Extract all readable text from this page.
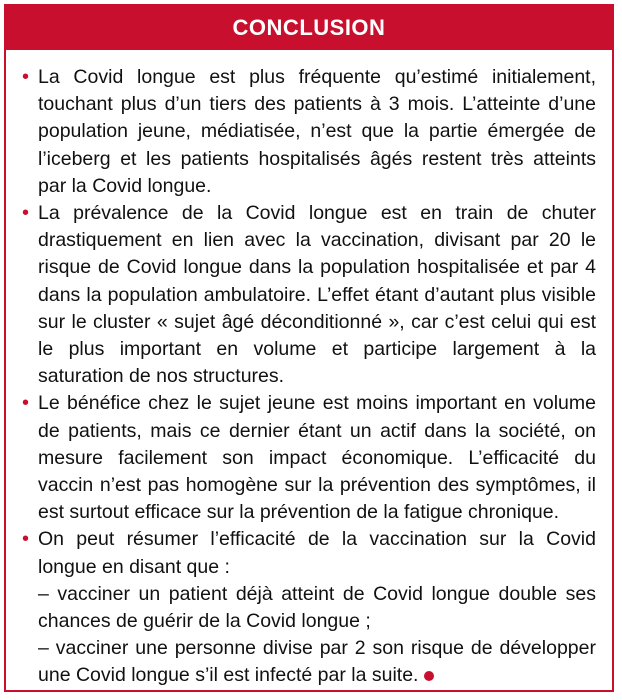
CONCLUSION
• La Covid longue est plus fréquente qu’estimé initialement, touchant plus d’un tiers des patients à 3 mois. L’atteinte d’une population jeune, médiatisée, n’est que la partie émergée de l’iceberg et les patients hospitalisés âgés restent très atteints par la Covid longue.
• La prévalence de la Covid longue est en train de chuter drastiquement en lien avec la vaccination, divisant par 20 le risque de Covid longue dans la population hospitalisée et par 4 dans la population ambulatoire. L’effet étant d’autant plus visible sur le cluster « sujet âgé déconditionné », car c’est celui qui est le plus important en volume et participe largement à la saturation de nos structures.
• Le bénéfice chez le sujet jeune est moins important en volume de patients, mais ce dernier étant un actif dans la société, on mesure facilement son impact économique. L’efficacité du vaccin n’est pas homogène sur la prévention des symptômes, il est surtout efficace sur la prévention de la fatigue chronique.
• On peut résumer l’efficacité de la vaccination sur la Covid longue en disant que :
– vacciner un patient déjà atteint de Covid longue double ses chances de guérir de la Covid longue ;
– vacciner une personne divise par 2 son risque de développer une Covid longue s’il est infecté par la suite.
